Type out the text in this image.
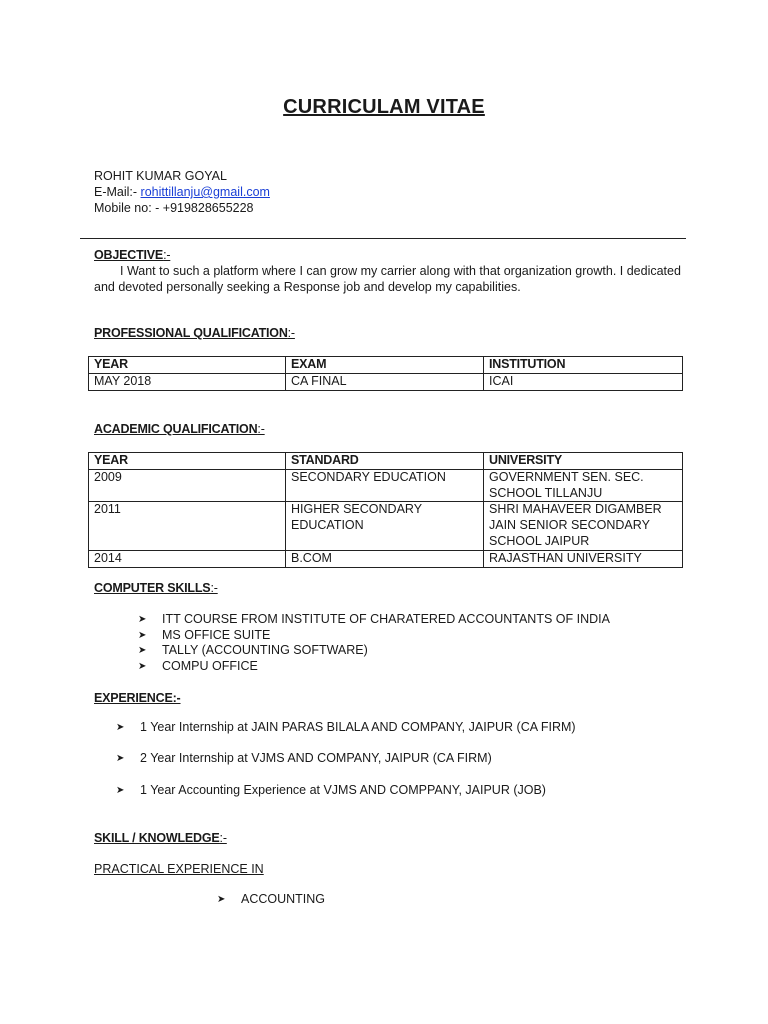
CURRICULAM VITAE
ROHIT KUMAR GOYAL
E-Mail:- rohittillanju@gmail.com
Mobile no: - +919828655228
OBJECTIVE:-
I Want to such a platform where I can grow my carrier along with that organization growth. I dedicated and devoted personally seeking a Response job and develop my capabilities.
PROFESSIONAL QUALIFICATION:-
YEAR	EXAM	INSTITUTION
MAY 2018	CA FINAL	ICAI
ACADEMIC QUALIFICATION:-
YEAR	STANDARD	UNIVERSITY
2009	SECONDARY EDUCATION	GOVERNMENT SEN. SEC. SCHOOL TILLANJU
2011	HIGHER SECONDARY EDUCATION	SHRI MAHAVEER DIGAMBER JAIN SENIOR SECONDARY SCHOOL JAIPUR
2014	B.COM	RAJASTHAN UNIVERSITY
COMPUTER SKILLS:-
➤ ITT COURSE FROM INSTITUTE OF CHARATERED ACCOUNTANTS OF INDIA
➤ MS OFFICE SUITE
➤ TALLY (ACCOUNTING SOFTWARE)
➤ COMPU OFFICE
EXPERIENCE:-
➤ 1 Year Internship at JAIN PARAS BILALA AND COMPANY, JAIPUR (CA FIRM)
➤ 2 Year Internship at VJMS AND COMPANY, JAIPUR (CA FIRM)
➤ 1 Year Accounting Experience at VJMS AND COMPPANY, JAIPUR (JOB)
SKILL / KNOWLEDGE:-
PRACTICAL EXPERIENCE IN
➤ ACCOUNTING
